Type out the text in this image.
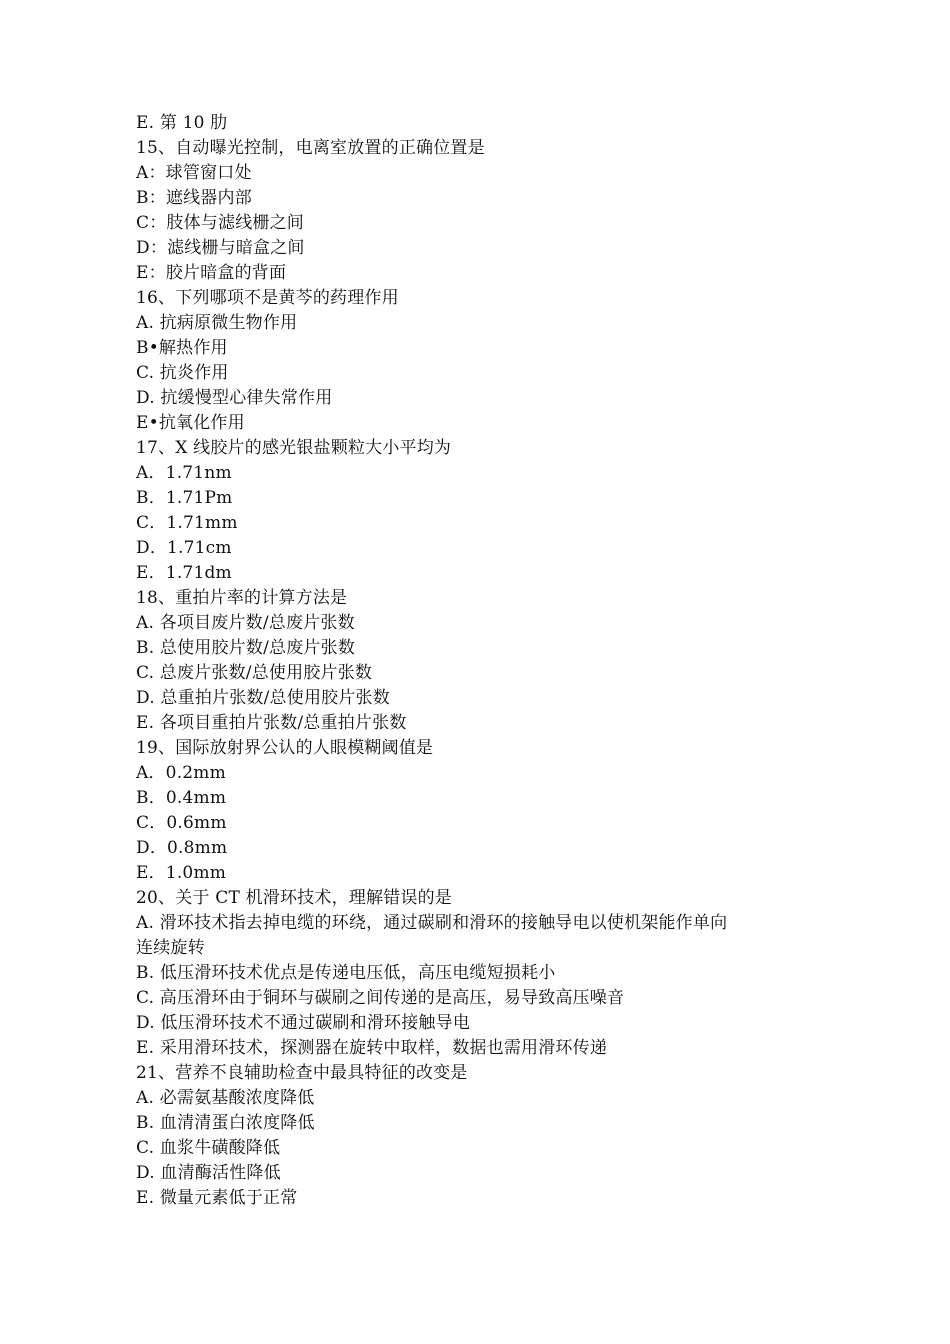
E. 第 10 肋
15、自动曝光控制，电离室放置的正确位置是
A：球管窗口处
B：遮线器内部
C：肢体与滤线栅之间
D：滤线栅与暗盒之间
E：胶片暗盒的背面
16、下列哪项不是黄芩的药理作用
A. 抗病原微生物作用
B•解热作用
C. 抗炎作用
D. 抗缓慢型心律失常作用
E•抗氧化作用
17、X 线胶片的感光银盐颗粒大小平均为
A．1.71nm
B．1.71Pm
C．1.71mm
D．1.71cm
E．1.71dm
18、重拍片率的计算方法是
A. 各项目废片数/总废片张数
B. 总使用胶片数/总废片张数
C. 总废片张数/总使用胶片张数
D. 总重拍片张数/总使用胶片张数
E. 各项目重拍片张数/总重拍片张数
19、国际放射界公认的人眼模糊阈值是
A．0.2mm
B．0.4mm
C．0.6mm
D．0.8mm
E．1.0mm
20、关于 CT 机滑环技术，理解错误的是
A. 滑环技术指去掉电缆的环绕，通过碳刷和滑环的接触导电以使机架能作单向
连续旋转
B. 低压滑环技术优点是传递电压低，高压电缆短损耗小
C. 高压滑环由于铜环与碳刷之间传递的是高压，易导致高压噪音
D. 低压滑环技术不通过碳刷和滑环接触导电
E. 采用滑环技术，探测器在旋转中取样，数据也需用滑环传递
21、营养不良辅助检查中最具特征的改变是
A. 必需氨基酸浓度降低
B. 血清清蛋白浓度降低
C. 血浆牛磺酸降低
D. 血清酶活性降低
E. 微量元素低于正常
